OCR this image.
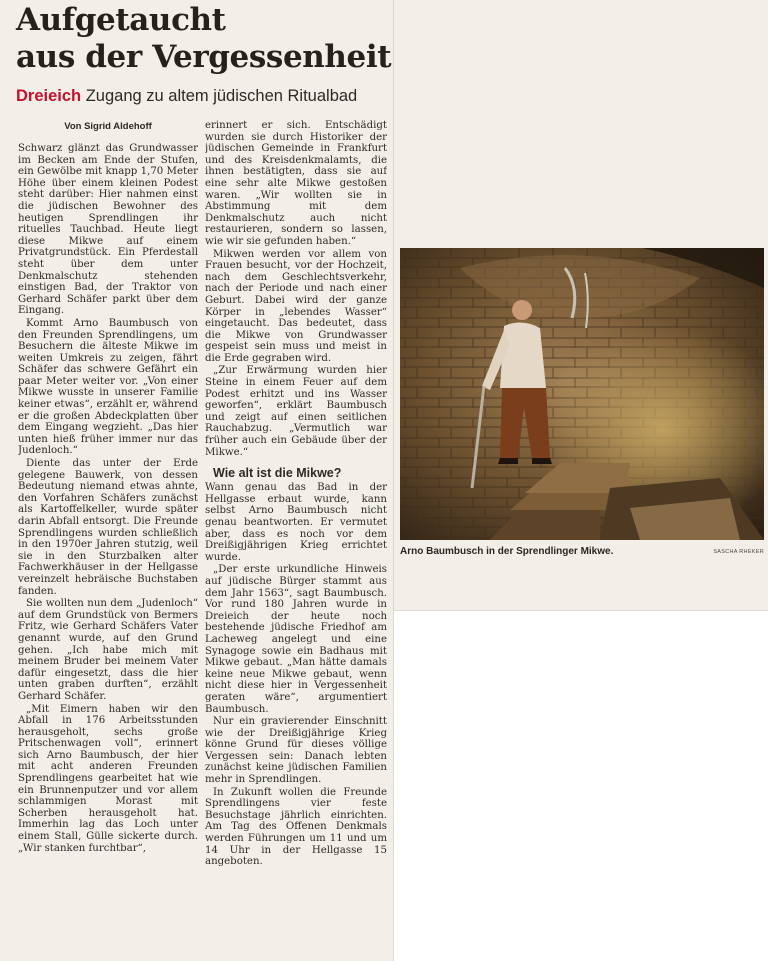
Aufgetaucht
aus der Vergessenheit
Dreieich Zugang zu altem jüdischen Ritualbad
Von Sigrid Aldehoff

Schwarz glänzt das Grundwasser im Becken am Ende der Stufen, ein Gewölbe mit knapp 1,70 Meter Höhe über einem kleinen Podest steht darüber: Hier nahmen einst die jüdischen Bewohner des heutigen Sprendlingen ihr rituelles Tauchbad. Heute liegt diese Mikwe auf einem Privatgrundstück. Ein Pferdestall steht über dem unter Denkmalschutz stehenden einstigen Bad, der Traktor von Gerhard Schäfer parkt über dem Eingang.

Kommt Arno Baumbusch von den Freunden Sprendlingens, um Besuchern die älteste Mikwe im weiten Umkreis zu zeigen, fährt Schäfer das schwere Gefährt ein paar Meter weiter vor. „Von einer Mikwe wusste in unserer Familie keiner etwas“, erzählt er, während er die großen Abdeckplatten über dem Eingang wegzieht. „Das hier unten hieß früher immer nur das Judenloch.“

Diente das unter der Erde gelegene Bauwerk, von dessen Bedeutung niemand etwas ahnte, den Vorfahren Schäfers zunächst als Kartoffelkeller, wurde später darin Abfall entsorgt. Die Freunde Sprendlingens wurden schließlich in den 1970er Jahren stutzig, weil sie in den Sturzbalken alter Fachwerkhäuser in der Hellgasse vereinzelt hebräische Buchstaben fanden.

Sie wollten nun dem „Judenloch“ auf dem Grundstück von Bermers Fritz, wie Gerhard Schäfers Vater genannt wurde, auf den Grund gehen. „Ich habe mich mit meinem Bruder bei meinem Vater dafür eingesetzt, dass die hier unten graben durften“, erzählt Gerhard Schäfer.

„Mit Eimern haben wir den Abfall in 176 Arbeitsstunden herausgeholt, sechs große Pritschenwagen voll“, erinnert sich Arno Baumbusch, der hier mit acht anderen Freunden Sprendlingens gearbeitet hat wie ein Brunnenputzer und vor allem schlammigen Morast mit Scherben herausgeholt hat. Immerhin lag das Loch unter einem Stall, Gülle sickerte durch. „Wir stanken furchtbar“,

erinnert er sich. Entschädigt wurden sie durch Historiker der jüdischen Gemeinde in Frankfurt und des Kreisdenkmalamts, die ihnen bestätigten, dass sie auf eine sehr alte Mikwe gestoßen waren. „Wir wollten sie in Abstimmung mit dem Denkmalschutz auch nicht restaurieren, sondern so lassen, wie wir sie gefunden haben.“

Mikwen werden vor allem von Frauen besucht, vor der Hochzeit, nach dem Geschlechtsverkehr, nach der Periode und nach einer Geburt. Dabei wird der ganze Körper in „lebendes Wasser“ eingetaucht. Das bedeutet, dass die Mikwe von Grundwasser gespeist sein muss und meist in die Erde gegraben wird.

„Zur Erwärmung wurden hier Steine in einem Feuer auf dem Podest erhitzt und ins Wasser geworfen“, erklärt Baumbusch und zeigt auf einen seitlichen Rauchabzug. „Vermutlich war früher auch ein Gebäude über der Mikwe.“

Wie alt ist die Mikwe?

Wann genau das Bad in der Hellgasse erbaut wurde, kann selbst Arno Baumbusch nicht genau beantworten. Er vermutet aber, dass es noch vor dem Dreißigjährigen Krieg errichtet wurde.

„Der erste urkundliche Hinweis auf jüdische Bürger stammt aus dem Jahr 1563“, sagt Baumbusch. Vor rund 180 Jahren wurde in Dreieich der heute noch bestehende jüdische Friedhof am Lacheweg angelegt und eine Synagoge sowie ein Badhaus mit Mikwe gebaut. „Man hätte damals keine neue Mikwe gebaut, wenn nicht diese hier in Vergessenheit geraten wäre“, argumentiert Baumbusch.

Nur ein gravierender Einschnitt wie der Dreißigjährige Krieg könne Grund für dieses völlige Vergessen sein: Danach lebten zunächst keine jüdischen Familien mehr in Sprendlingen.

In Zukunft wollen die Freunde Sprendlingens vier feste Besuchstage jährlich einrichten. Am Tag des Offenen Denkmals werden Führungen um 11 und um 14 Uhr in der Hellgasse 15 angeboten.

Arno Baumbusch in der Sprendlinger Mikwe.	SASCHA RHEKER
